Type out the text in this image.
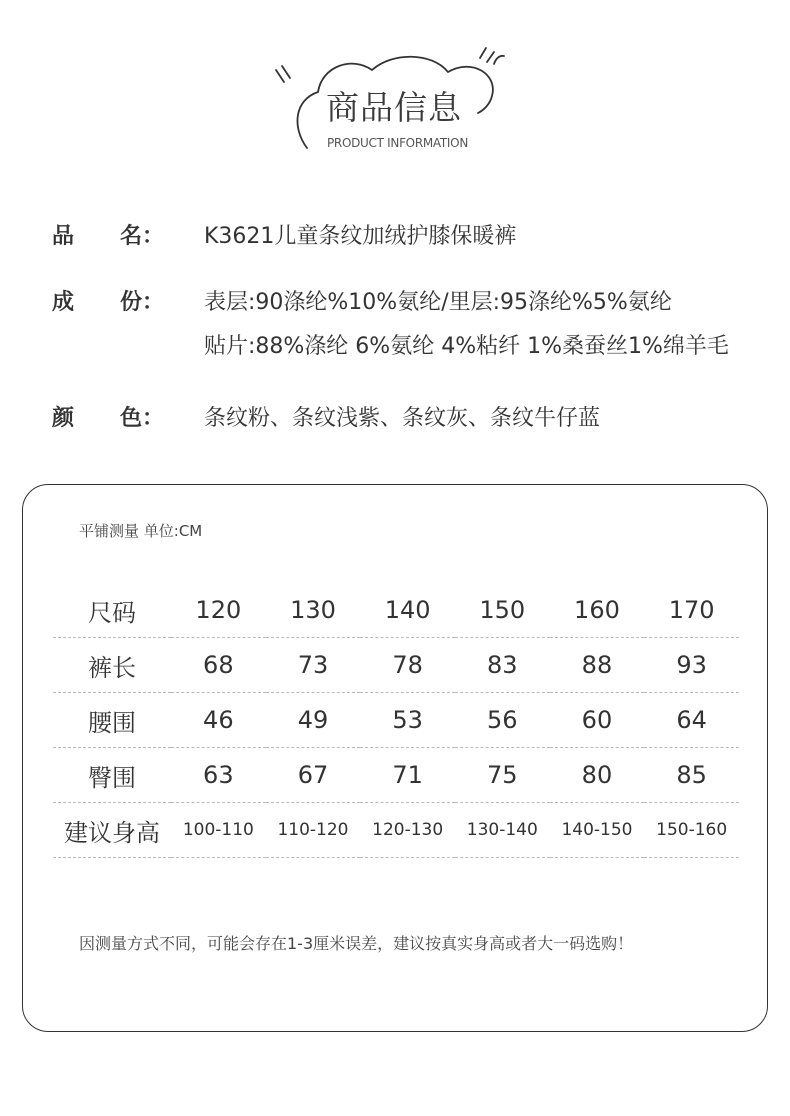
商品信息
PRODUCT INFORMATION
品 名： K3621儿童条纹加绒护膝保暖裤
成 份： 表层:90涤纶%10%氨纶/里层:95涤纶%5%氨纶
贴片:88%涤纶 6%氨纶 4%粘纤 1%桑蚕丝1%绵羊毛
颜 色： 条纹粉、条纹浅紫、条纹灰、条纹牛仔蓝
平铺测量 单位:CM
尺码	120	130	140	150	160	170
裤长	68	73	78	83	88	93
腰围	46	49	53	56	60	64
臀围	63	67	71	75	80	85
建议身高	100-110	110-120	120-130	130-140	140-150	150-160
因测量方式不同，可能会存在1-3厘米误差，建议按真实身高或者大一码选购！
